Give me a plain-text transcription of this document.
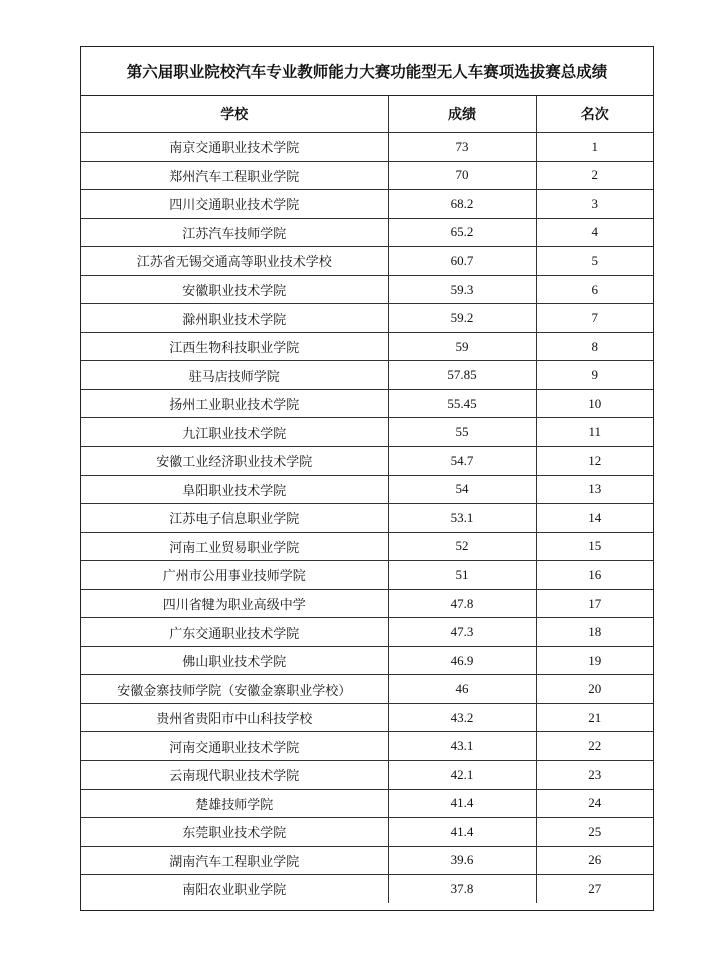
第六届职业院校汽车专业教师能力大赛功能型无人车赛项选拔赛总成绩
学校	成绩	名次
南京交通职业技术学院	73	1
郑州汽车工程职业学院	70	2
四川交通职业技术学院	68.2	3
江苏汽车技师学院	65.2	4
江苏省无锡交通高等职业技术学校	60.7	5
安徽职业技术学院	59.3	6
滁州职业技术学院	59.2	7
江西生物科技职业学院	59	8
驻马店技师学院	57.85	9
扬州工业职业技术学院	55.45	10
九江职业技术学院	55	11
安徽工业经济职业技术学院	54.7	12
阜阳职业技术学院	54	13
江苏电子信息职业学院	53.1	14
河南工业贸易职业学院	52	15
广州市公用事业技师学院	51	16
四川省犍为职业高级中学	47.8	17
广东交通职业技术学院	47.3	18
佛山职业技术学院	46.9	19
安徽金寨技师学院（安徽金寨职业学校）	46	20
贵州省贵阳市中山科技学校	43.2	21
河南交通职业技术学院	43.1	22
云南现代职业技术学院	42.1	23
楚雄技师学院	41.4	24
东莞职业技术学院	41.4	25
湖南汽车工程职业学院	39.6	26
南阳农业职业学院	37.8	27
